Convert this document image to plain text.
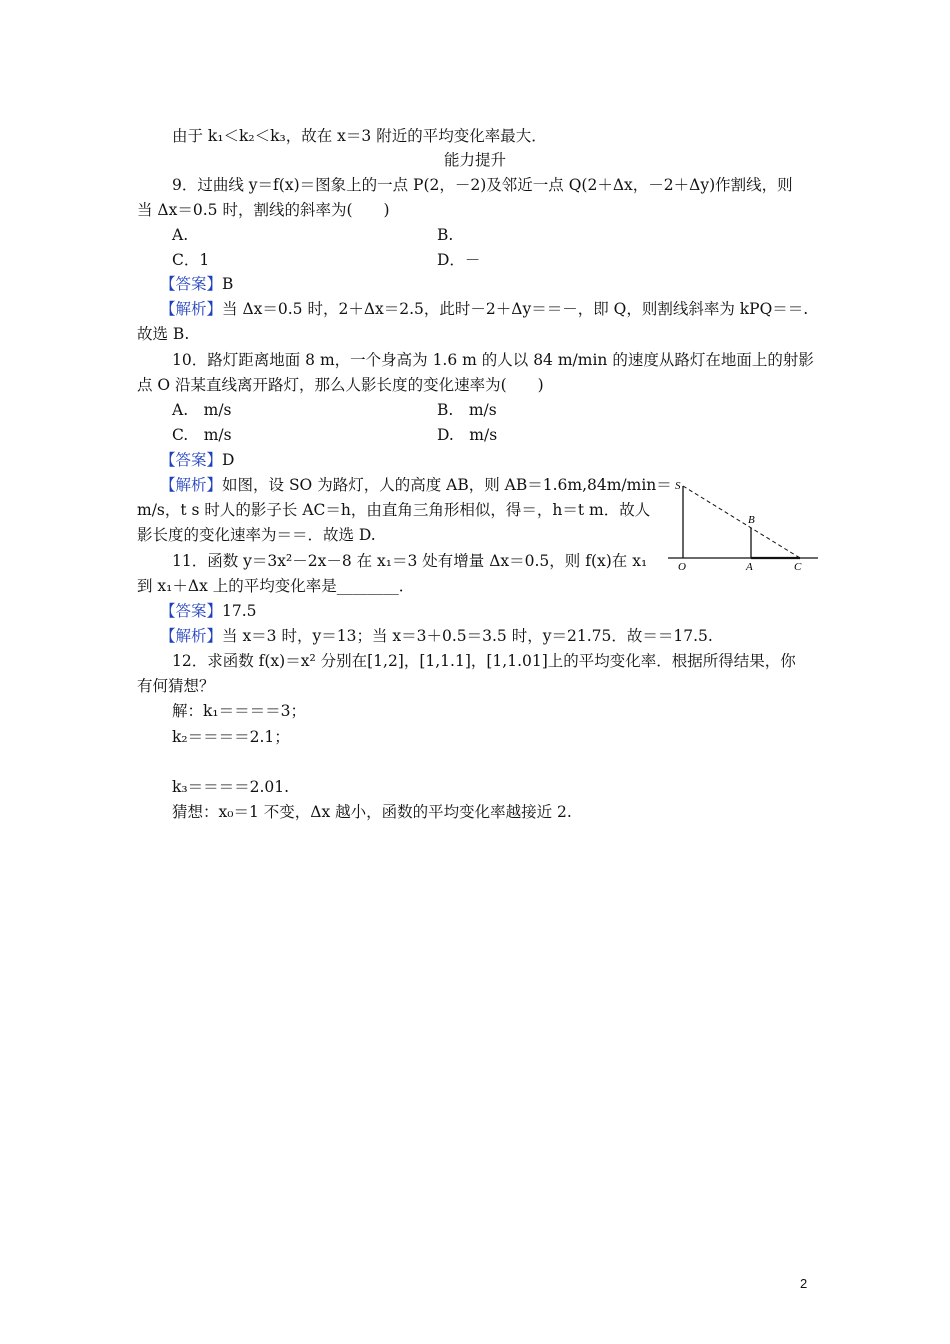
由于 k₁＜k₂＜k₃，故在 x＝3 附近的平均变化率最大．
能力提升
9．过曲线 y＝f(x)＝图象上的一点 P(2，－2)及邻近一点 Q(2＋Δx，－2＋Δy)作割线，则
当 Δx＝0.5 时，割线的斜率为(　　)
A.	B.
C．1	D．－
【答案】B
【解析】当 Δx＝0.5 时，2＋Δx＝2.5，此时－2＋Δy＝＝－，即 Q，则割线斜率为 kPQ＝＝.
故选 B.
10．路灯距离地面 8 m，一个身高为 1.6 m 的人以 84 m/min 的速度从路灯在地面上的射影
点 O 沿某直线离开路灯，那么人影长度的变化速率为(　　)
A.　m/s	B.　m/s
C.　m/s	D.　m/s
【答案】D
【解析】如图，设 SO 为路灯，人的高度 AB，则 AB＝1.6m,84m/min＝
m/s，t s 时人的影子长 AC＝h，由直角三角形相似，得＝，h＝t m．故人
影长度的变化速率为＝＝．故选 D.
S
B
O	A	C
11．函数 y＝3x²－2x－8 在 x₁＝3 处有增量 Δx＝0.5，则 f(x)在 x₁
到 x₁＋Δx 上的平均变化率是________．
【答案】17.5
【解析】当 x＝3 时，y＝13；当 x＝3＋0.5＝3.5 时，y＝21.75．故＝＝17.5.
12．求函数 f(x)＝x² 分别在[1,2]，[1,1.1]，[1,1.01]上的平均变化率．根据所得结果，你
有何猜想？
解：k₁＝＝＝＝3；
k₂＝＝＝＝2.1；
k₃＝＝＝＝2.01.
猜想：x₀＝1 不变，Δx 越小，函数的平均变化率越接近 2.
2
